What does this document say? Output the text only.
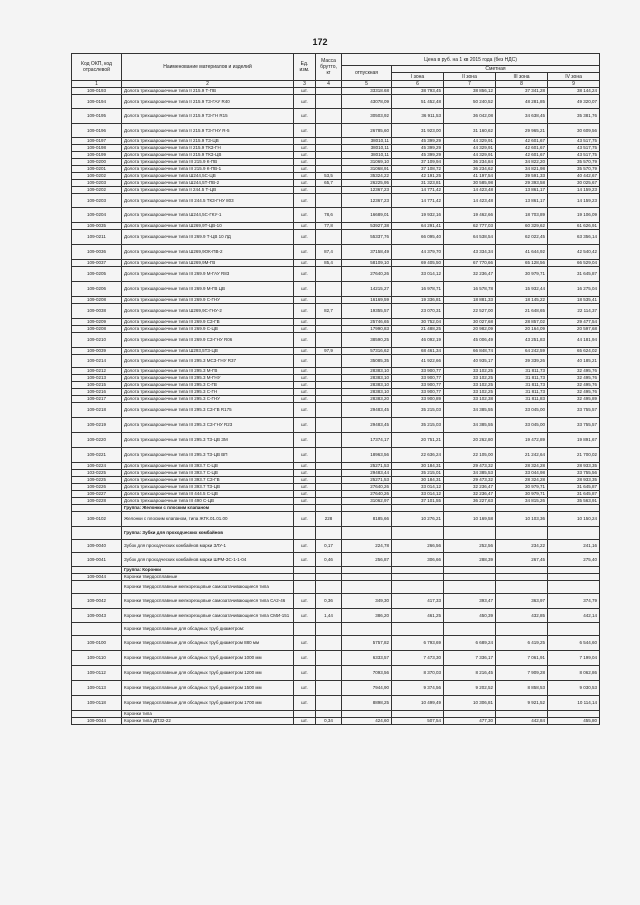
172
Код ОКП, код отраслевой	Наименование материалов и изделий	Ед. изм.	Масса брутто, кг	Цена в руб. на 1 кв 2015 года (без НДС)				
				отпускная	Сметная			
					I зона	II зона	III зона	IV зона
1	2	3	4	5	6	7	8	9
109-0193	Долота трехшарошечные типа II 215.9 Т-ПВ	шт.		33318.68	38 793,45	38 856,12	37 341,28	38 144,24
109-0194	Долота трехшарошечные типа II 215.9 ТЗ-ГАУ R40	шт.		43078,09	51 452,48	50 240,52	48 281,85	49 320,07
109-0195	Долота трехшарошечные типа II 215.9 ТЗ-ГН R15	шт.		30503,92	36 911,53	36 042,08	34 638,45	35 381,76
109-0196	Долота трехшарошечные типа II 215.9 ТЗ-ГНУ R-5	шт.		26785,60	31 923,00	31 160,62	29 965,21	30 609,56
109-0197	Долота трехшарошечные типа II 215.9 ТЗ-ЦВ	шт.		38010,11	45 399,29	44 329,91	42 601,67	43 517,75
109-0198	Долота трехшарошечные типа II 215.9 ТКЗ-ГН	шт.		38010,11	45 399,29	44 329,91	42 601,67	43 517,75
109-0199	Долота трехшарошечные типа II 215.9 ТКЗ-ЦВ	шт.		38010,11	45 399,29	44 329,91	42 601,67	43 517,75
109-0200	Долота трехшарошечные типа III 215.9 К-ПВ	шт.		31069,10	37 109,94	36 234,84	34 822,20	35 570,79
109-0201	Долота трехшарошечные типа III 215.9 К-ПВ-1	шт.		31068,91	37 108,72	36 234,62	34 821,98	35 570,79
109-0202	Долота трехшарошечные типа Ш244,5С-ЦВ	шт.	53,5	35324,22	42 191,25	41 197,54	39 591,33	40 442,67
109-0203	Долота трехшарошечные типа Ш244,5Т-ПВ-2	шт.	65,7	26225,95	31 323,81	30 585,98	29 393,58	30 025,67
109-0202	Долота трехшарошечные типа II 244.5 Т-ЦВ	шт.		12367,23	14 771,42	14 423,48	13 861,17	14 159,23
109-0203	Долота трехшарошечные типа III 244.5 ТКЗ-ГНУ 803	шт.		12367,23	14 771,42	14 423,48	13 861,17	14 159,23
109-0204	Долота трехшарошечные типа Ш244,5С-ГКУ-1	шт.	78,6	16689,01	19 932,16	19 462,66	18 703,89	19 106,09
109-0035	Долота трехшарошечные типа Ш269,9Т-ЦВ-10	шт.	77,8	53927,38	64 291,41	62 777,03	60 329,62	61 626,91
109-0211	Долота трехшарошечные типа III 269.9 Т-ЦВ 10 ЛД	шт.		55337,76	66 095,40	64 538,54	62 022,45	63 356,14
109-0036	Долота трехшарошечные типа Ш269,9ОК-ПВ-2	шт.	87,4	37158,49	44 379,70	43 334,34	41 644,92	42 540,42
109-0037	Долота трехшарошечные типа Ш269,9М-ГВ	шт.	85,4	58109,10	69 405,50	67 770,66	65 128,56	66 529,04
109-0205	Долота трехшарошечные типа III 269.9 М-ГАУ R83	шт.		27640,26	33 014,12	32 236,47	30 979,71	31 645,87
109-0206	Долота трехшарошечные типа III 269.9 М-ГВ ЦВ	шт.		14215,27	16 978,71	16 578,78	15 932,44	16 275,04
109-0208	Долота трехшарошечные типа III 269.9 С-ГНУ	шт.		16169,59	19 336,81	18 881,33	18 145,22	18 535,41
109-0038	Долота трехшарошечные типа Ш269,9С-ГНУ-2	шт.	82,7	19355,57	23 070,31	22 527,00	21 648,65	22 114,37
109-0209	Долота трехшарошечные типа III 269.9 СЗ-ГВ	шт.		25746,65	30 752,04	30 027,68	28 857,02	29 477,54
109-0208	Долота трехшарошечные типа III 269.9 С-ЦВ	шт.		17990,83	21 488,25	20 982,09	20 164,09	20 597,68
109-0210	Долота трехшарошечные типа III 269.9 СЗ-ГНУ R06	шт.		38590,25	46 092,19	45 006,49	43 251,83	44 181,94
109-0039	Долота трехшарошечные типа Ш293,5ТЗ-ЦВ	шт.	97,9	57316,62	68 461,34	66 848,74	64 242,59	65 624,02
109-0214	Долота трехшарошечные типа III 295.3 МСЗ-ГНУ R37	шт.		35085,35	41 922,66	40 935,17	39 339,26	40 185,21
109-0212	Долота трехшарошечные типа III 295.3 М-ГВ	шт.		28383,10	33 900,77	33 102,25	31 811,73	32 495,76
109-0213	Долота трехшарошечные типа III 295.3 М-ГНУ	шт.		28383,10	33 900,77	33 102,25	31 811,73	32 495,76
109-0215	Долота трехшарошечные типа III 295.3 С-ГВ	шт.		28383,10	33 900,77	33 102,25	31 811,73	32 495,76
109-0216	Долота трехшарошечные типа III 295.3 С-ГН	шт.		28383,10	33 900,77	33 102,25	31 811,73	32 495,76
109-0217	Долота трехшарошечные типа III 295.3 С-ГНУ	шт.		28383,20	33 900,89	33 102,38	31 811,83	32 495,89
109-0218	Долота трехшарошечные типа III 295.3 СЗ-ГВ R175	шт.		29483,45	35 215,03	34 385,55	33 045,00	33 755,57
109-0219	Долота трехшарошечные типа III 295.3 СЗ-ГНУ R23	шт.		29483,45	35 215,03	34 385,55	33 045,00	33 755,57
109-0220	Долота трехшарошечные типа III 295.3 ТЗ-ЦВ ЗМ	шт.		17374,17	20 751,21	20 262,80	19 472,89	19 891,67
109-0221	Долота трехшарошечные типа III 295.3 ТЗ-ЦВ ВП	шт.		18963,56	22 636,24	22 105,00	21 242,64	21 700,02
109-0224	Долота трехшарошечные типа III 393.7 С-ЦВ	шт.		25271,53	30 184,31	29 473,32	28 324,28	28 933,35
103-0225	Долота трехшарошечные типа III 393.7 С-ЦВ	шт.		29483,44	35 215,01	34 385,53	33 044,98	33 755,56
109-0225	Долота трехшарошечные типа III 393.7 СЗ-ГВ	шт.		25271,53	30 184,31	29 473,32	28 324,28	28 933,35
109-0226	Долота трехшарошечные типа III 393.7 ТЗ-ЦВ	шт.		27640,26	33 014,12	32 236,47	30 979,71	31 645,87
109-0227	Долота трехшарошечные типа III 444.5 С-ЦВ	шт.		27640,26	33 014,12	32 236,47	30 979,71	31 645,87
109-0228	Долота трехшарошечные типа III 490 С-ЦВ	шт.		31062,97	37 101,55	36 227,63	34 815,26	35 563,91
	Группа: Желонки с плоским клапаном							
109-0102	Желонки с плоским клапаном, типа ЖГК.01.01.00	шт.	228	8185,66	10 276,21	10 169,58	10 103,36	10 150,24
	Группа: Зубки для проходческих комбайнов							
109-0040	Зубок для проходческих комбайнов марки ЗЛУ-1	шт.	0,17	224,78	266,56	252,56	234,22	241,16
109-0041	Зубок для проходческих комбайнов марки ШРМ-ЗС-1-1-04	шт.	0,46	256,87	306,66	288,39	267,45	275,40
	Группа: Коронки							
109-0044	Коронки твердосплавные							
	Коронки твердосплавные мелкорезцовые самозатачивающиеся типа							
109-0042	Коронки твердосплавные мелкорезцовые самозатачивающиеся типа СА2-46	шт.	0,36	349,30	417,33	393,47	363,97	374,79
109-0043	Коронки твердосплавные мелкорезцовые самозатачивающиеся типа СМИ-151	шт.	1,44	386,20	461,25	450,39	432,85	442,14
	Коронки твердосплавные для обсадных труб диаметром:							
109-0100	Коронки твердосплавные для обсадных труб диаметром 880 мм	шт.		5757,82	6 793,69	6 689,24	6 419,25	6 544,60
109-0110	Коронки твердосплавные для обсадных труб диаметром 1000 мм	шт.		6333,57	7 473,30	7 336,17	7 061,91	7 199,04
109-0112	Коронки твердосплавные для обсадных труб диаметром 1200 мм	шт.		7093,56	8 370,03	8 216,45	7 909,28	8 062,86
109-0113	Коронки твердосплавные для обсадных труб диаметром 1500 мм	шт.		7944,90	9 374,56	9 202,52	8 858,53	9 030,53
109-0118	Коронки твердосплавные для обсадных труб диаметром 1700 мм	шт.		8898,25	10 499,49	10 306,81	9 921,52	10 114,14
	Коронки типа							
109-0044	Коронки типа ДП32-22	шт.	0,34	424,60	507,54	477,30	442,84	455,80
